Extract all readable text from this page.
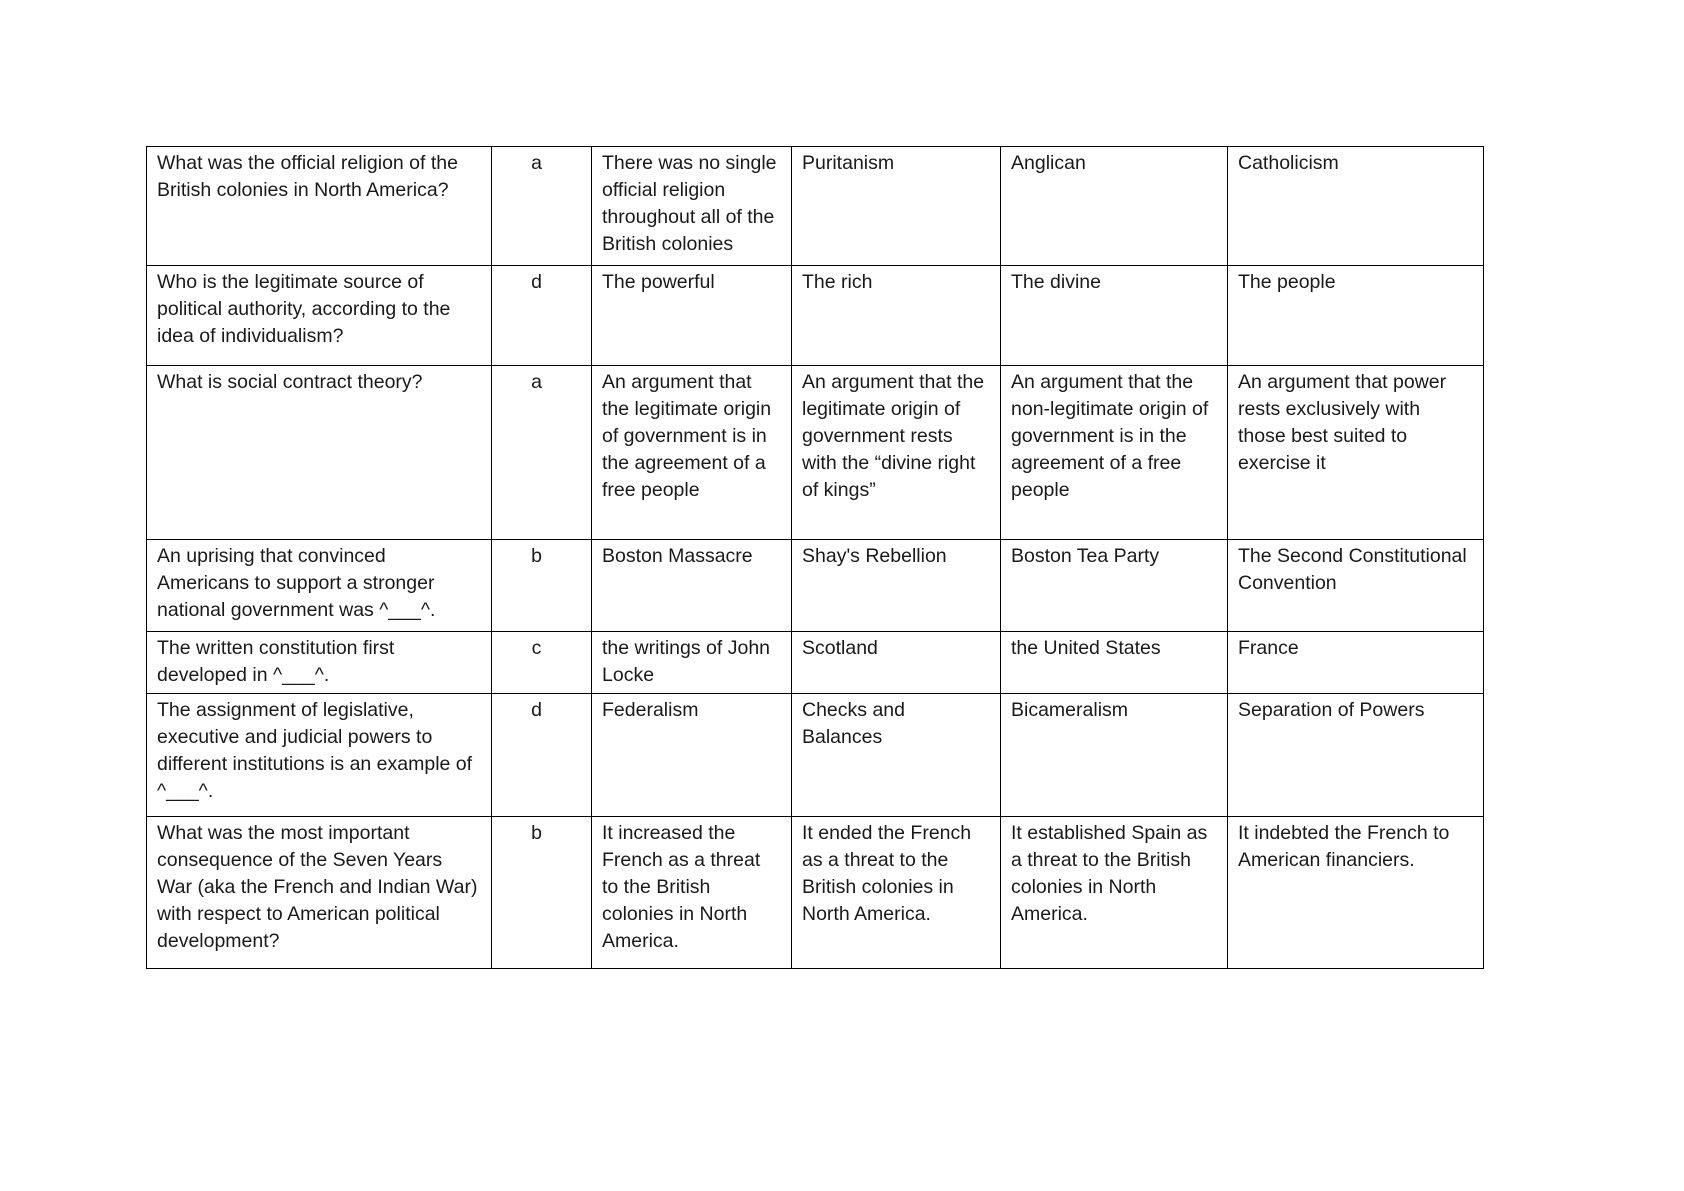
What was the official religion of the British colonies in North America?	a	There was no single official religion throughout all of the British colonies	Puritanism	Anglican	Catholicism
Who is the legitimate source of political authority, according to the idea of individualism?	d	The powerful	The rich	The divine	The people
What is social contract theory?	a	An argument that the legitimate origin of government is in the agreement of a free people	An argument that the legitimate origin of government rests with the “divine right of kings”	An argument that the non-legitimate origin of government is in the agreement of a free people	An argument that power rests exclusively with those best suited to exercise it
An uprising that convinced Americans to support a stronger national government was ^___^.	b	Boston Massacre	Shay's Rebellion	Boston Tea Party	The Second Constitutional Convention
The written constitution first developed in ^___^.	c	the writings of John Locke	Scotland	the United States	France
The assignment of legislative, executive and judicial powers to different institutions is an example of ^___^.	d	Federalism	Checks and Balances	Bicameralism	Separation of Powers
What was the most important consequence of the Seven Years War (aka the French and Indian War) with respect to American political development?	b	It increased the French as a threat to the British colonies in North America.	It ended the French as a threat to the British colonies in North America.	It established Spain as a threat to the British colonies in North America.	It indebted the French to American financiers.
